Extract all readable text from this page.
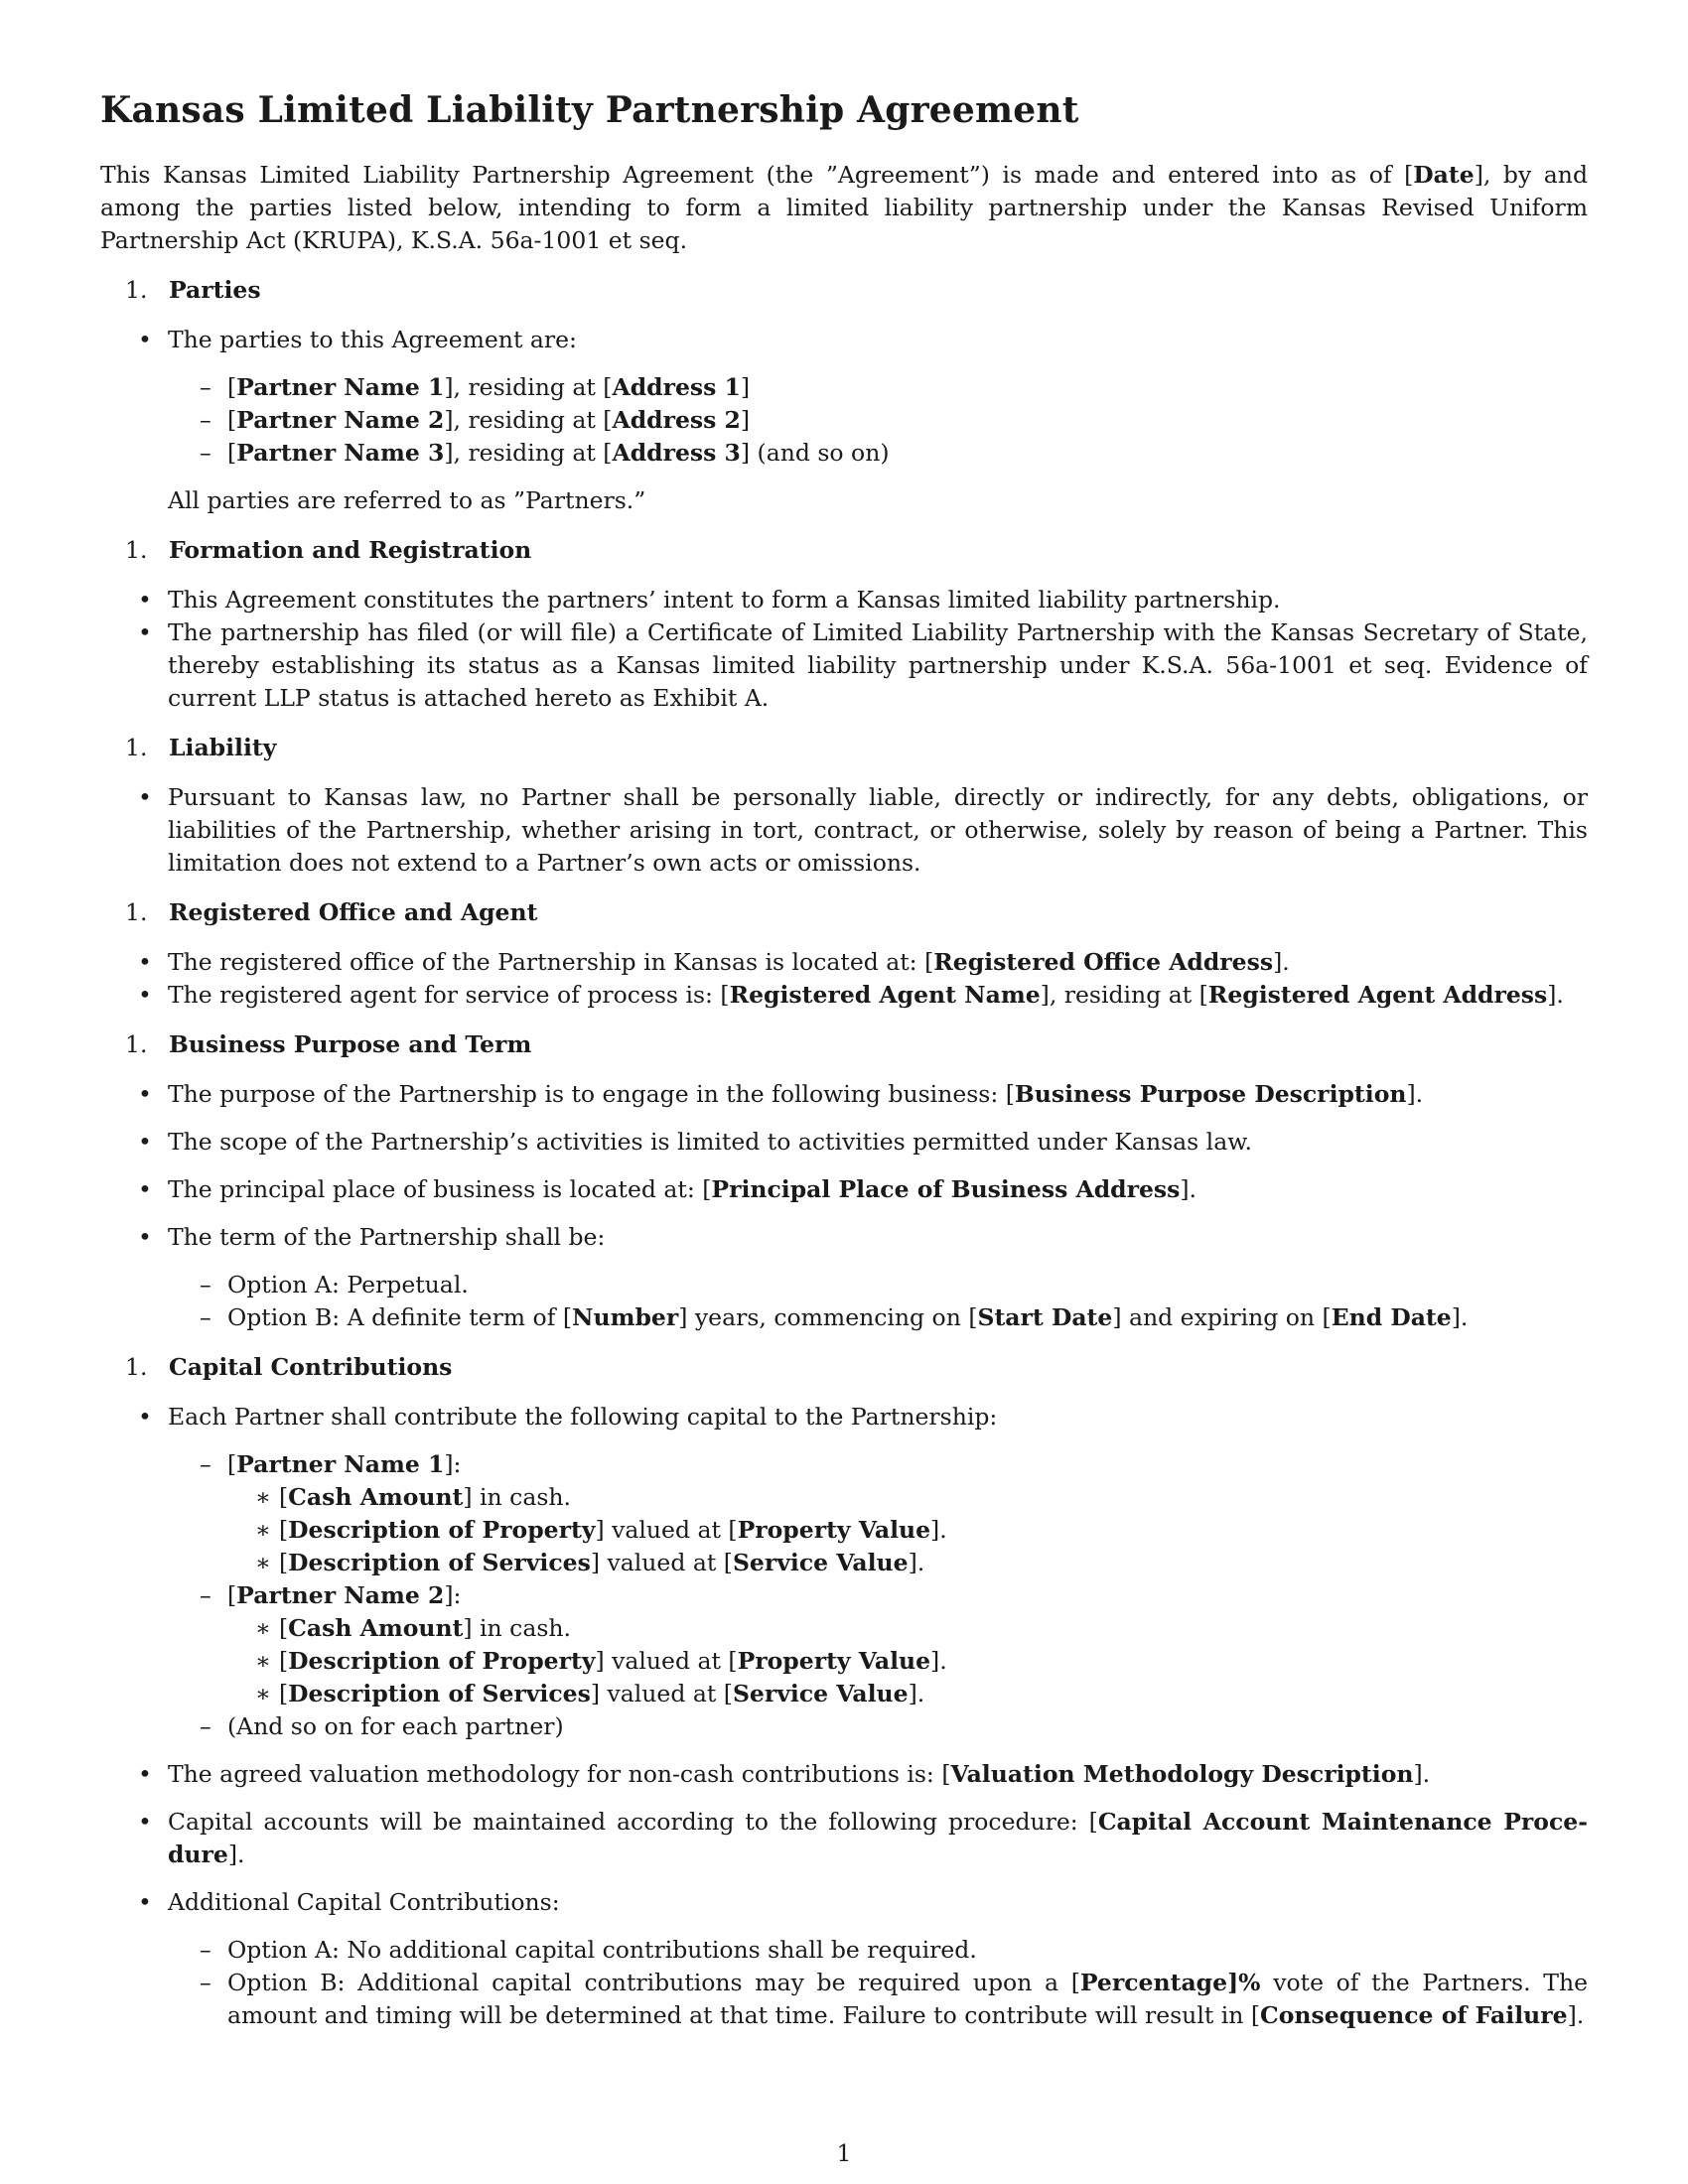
Kansas Limited Liability Partnership Agreement

This Kansas Limited Liability Partnership Agreement (the ”Agreement”) is made and entered into as of [Date], by and among the parties listed below, intending to form a limited liability partnership under the Kansas Revised Uniform Partnership Act (KRUPA), K.S.A. 56a-1001 et seq.

1. Parties

• The parties to this Agreement are:

– [Partner Name 1], residing at [Address 1]
– [Partner Name 2], residing at [Address 2]
– [Partner Name 3], residing at [Address 3] (and so on)

All parties are referred to as ”Partners.”

1. Formation and Registration

• This Agreement constitutes the partners’ intent to form a Kansas limited liability partnership.

• The partnership has filed (or will file) a Certificate of Limited Liability Partnership with the Kansas Secretary of State, thereby establishing its status as a Kansas limited liability partnership under K.S.A. 56a-1001 et seq. Evidence of current LLP status is attached hereto as Exhibit A.

1. Liability

• Pursuant to Kansas law, no Partner shall be personally liable, directly or indirectly, for any debts, obligations, or liabilities of the Partnership, whether arising in tort, contract, or otherwise, solely by reason of being a Partner. This limitation does not extend to a Partner’s own acts or omissions.

1. Registered Office and Agent

• The registered office of the Partnership in Kansas is located at: [Registered Office Address].

• The registered agent for service of process is: [Registered Agent Name], residing at [Registered Agent Address].

1. Business Purpose and Term

• The purpose of the Partnership is to engage in the following business: [Business Purpose Description].

• The scope of the Partnership’s activities is limited to activities permitted under Kansas law.

• The principal place of business is located at: [Principal Place of Business Address].

• The term of the Partnership shall be:

– Option A: Perpetual.
– Option B: A definite term of [Number] years, commencing on [Start Date] and expiring on [End Date].
1. Capital Contributions

• Each Partner shall contribute the following capital to the Partnership:

– [Partner Name 1]:
∗ [Cash Amount] in cash.
∗ [Description of Property] valued at [Property Value].
∗ [Description of Services] valued at [Service Value].
– [Partner Name 2]:
∗ [Cash Amount] in cash.
∗ [Description of Property] valued at [Property Value].
∗ [Description of Services] valued at [Service Value].
– (And so on for each partner)

• The agreed valuation methodology for non-cash contributions is: [Valuation Methodology Description].

• Capital accounts will be maintained according to the following procedure: [Capital Account Maintenance Proce-dure].

• Additional Capital Contributions:

– Option A: No additional capital contributions shall be required.
– Option B: Additional capital contributions may be required upon a [Percentage]% vote of the Partners. The amount and timing will be determined at that time. Failure to contribute will result in [Consequence of Failure].
1
